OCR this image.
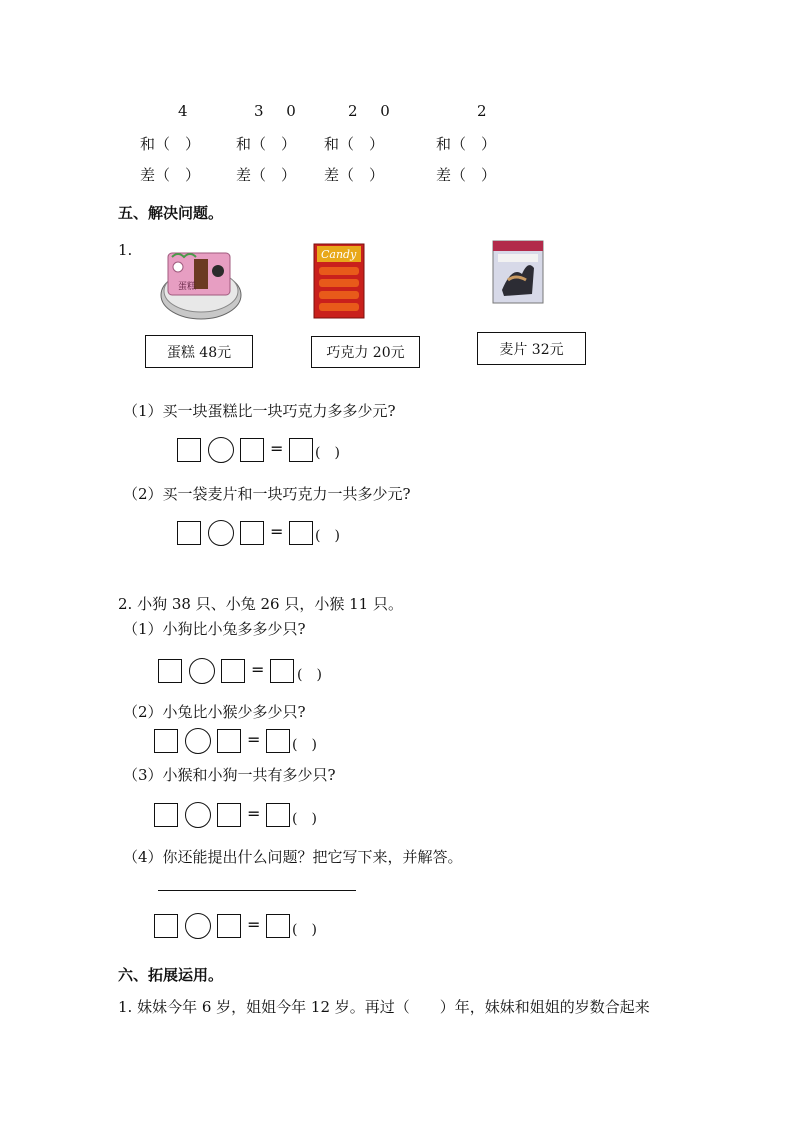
4	3 0	2 0	2
和（　） 和（　） 和（　）	和（　）
差（　） 差（　） 差（　）	差（　）
五、解决问题。
1.
蛋糕
Candy
蛋糕 48元	巧克力 20元	麦片 32元
（1）买一块蛋糕比一块巧克力多多少元?
= (　)
（2）买一袋麦片和一块巧克力一共多少元?
= (　)
2. 小狗 38 只、小兔 26 只，小猴 11 只。
（1）小狗比小兔多多少只?
= (　)
（2）小兔比小猴少多少只?
= (　)
（3）小猴和小狗一共有多少只?
= (　)
（4）你还能提出什么问题？把它写下来，并解答。
= (　)
六、拓展运用。
1. 妹妹今年 6 岁，姐姐今年 12 岁。再过（　　）年，妹妹和姐姐的岁数合起来
